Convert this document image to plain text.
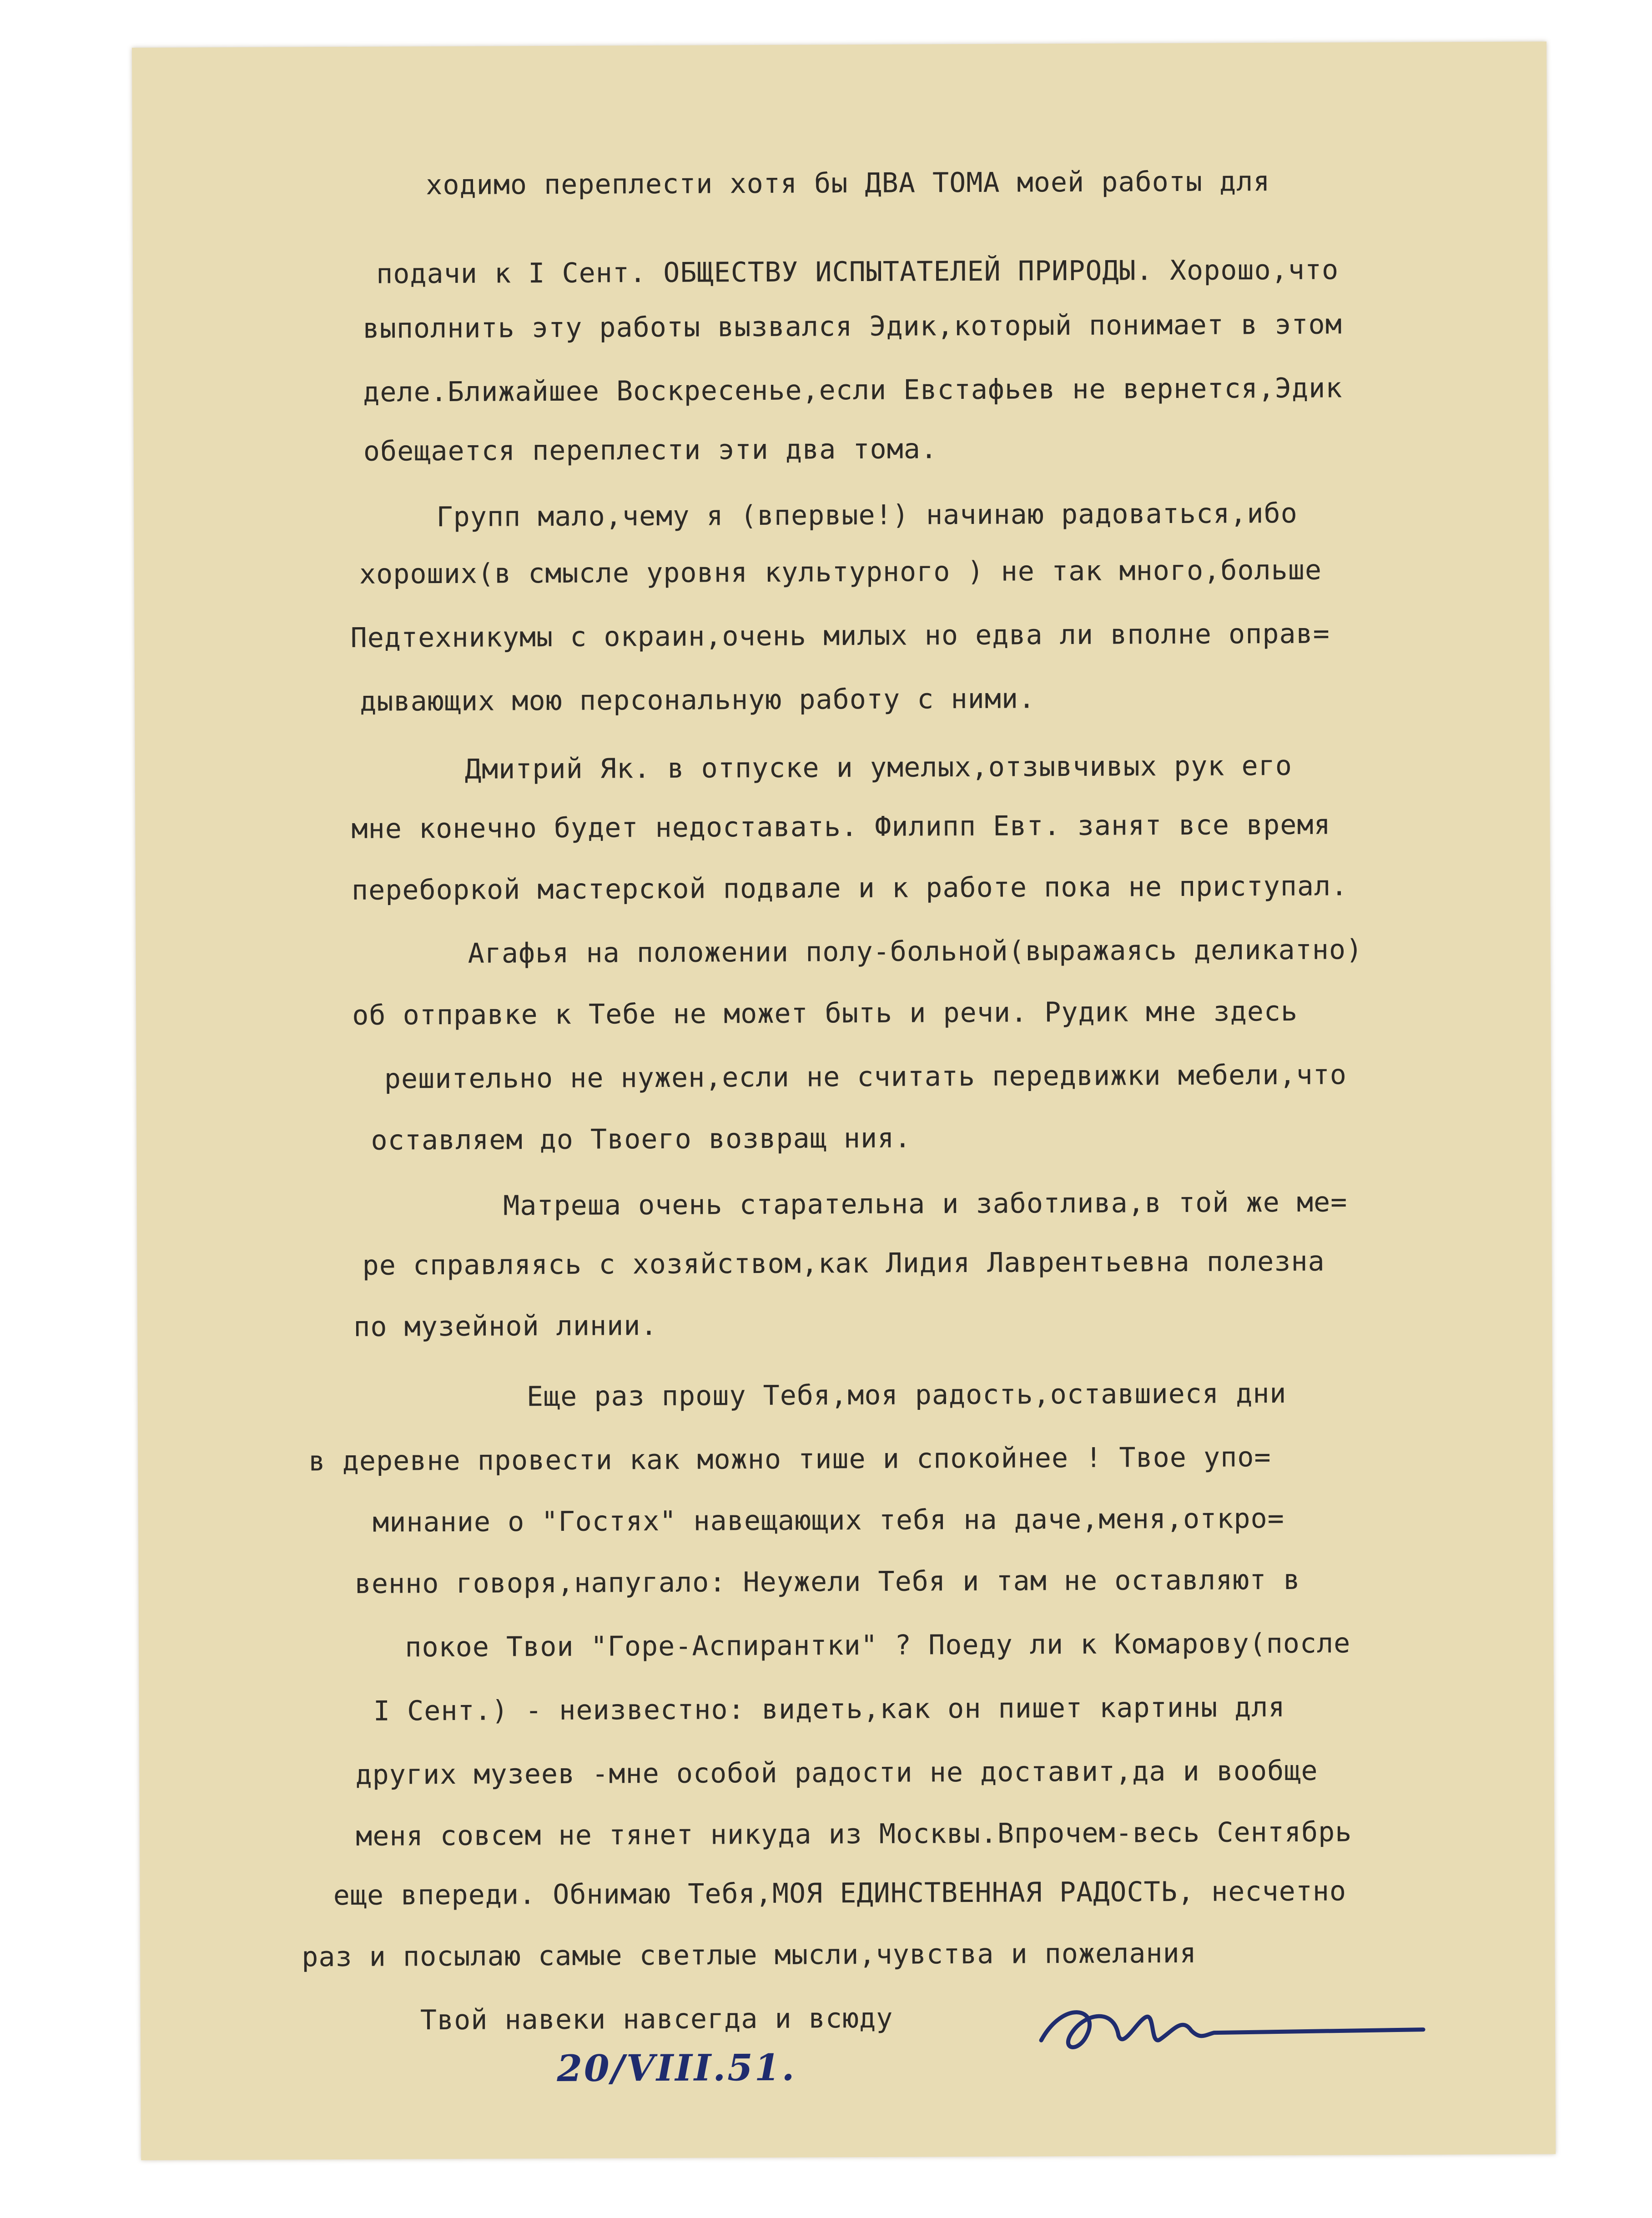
ходимо переплести хотя бы ДВА ТОМА моей работы для
подачи к I Сент. ОБЩЕСТВУ ИСПЫТАТЕЛЕЙ ПРИРОДЫ. Хорошо,что
выполнить эту работы вызвался Эдик,который понимает в этом
деле.Ближайшее Воскресенье,если Евстафьев не вернется,Эдик
обещается переплести эти два тома.
Групп мало,чему я (впервые!) начинаю радоваться,ибо
хороших(в смысле уровня культурного ) не так много,больше
Педтехникумы с окраин,очень милых но едва ли вполне оправ=
дывающих мою персональную работу с ними.
Дмитрий Як. в отпуске и умелых,отзывчивых рук его
мне конечно будет недоставать. Филипп Евт. занят все время
переборкой мастерской подвале и к работе пока не приступал.
Агафья на положении полу-больной(выражаясь деликатно)
об отправке к Тебе не может быть и речи. Рудик мне здесь
решительно не нужен,если не считать передвижки мебели,что
оставляем до Твоего возвращ ния.
Матреша очень старательна и заботлива,в той же ме=
ре справляясь с хозяйством,как Лидия Лаврентьевна полезна
по музейной линии.
Еще раз прошу Тебя,моя радость,оставшиеся дни
в деревне провести как можно тише и спокойнее ! Твое упо=
минание о "Гостях" навещающих тебя на даче,меня,откро=
венно говоря,напугало: Неужели Тебя и там не оставляют в
покое Твои "Горе-Аспирантки" ? Поеду ли к Комарову(после
I Сент.) - неизвестно: видеть,как он пишет картины для
других музеев -мне особой радости не доставит,да и вообще
меня совсем не тянет никуда из Москвы.Впрочем-весь Сентябрь
еще впереди. Обнимаю Тебя,МОЯ ЕДИНСТВЕННАЯ РАДОСТЬ, несчетно
раз и посылаю самые светлые мысли,чувства и пожелания
Твой навеки навсегда и всюду
20/VIII.51.
